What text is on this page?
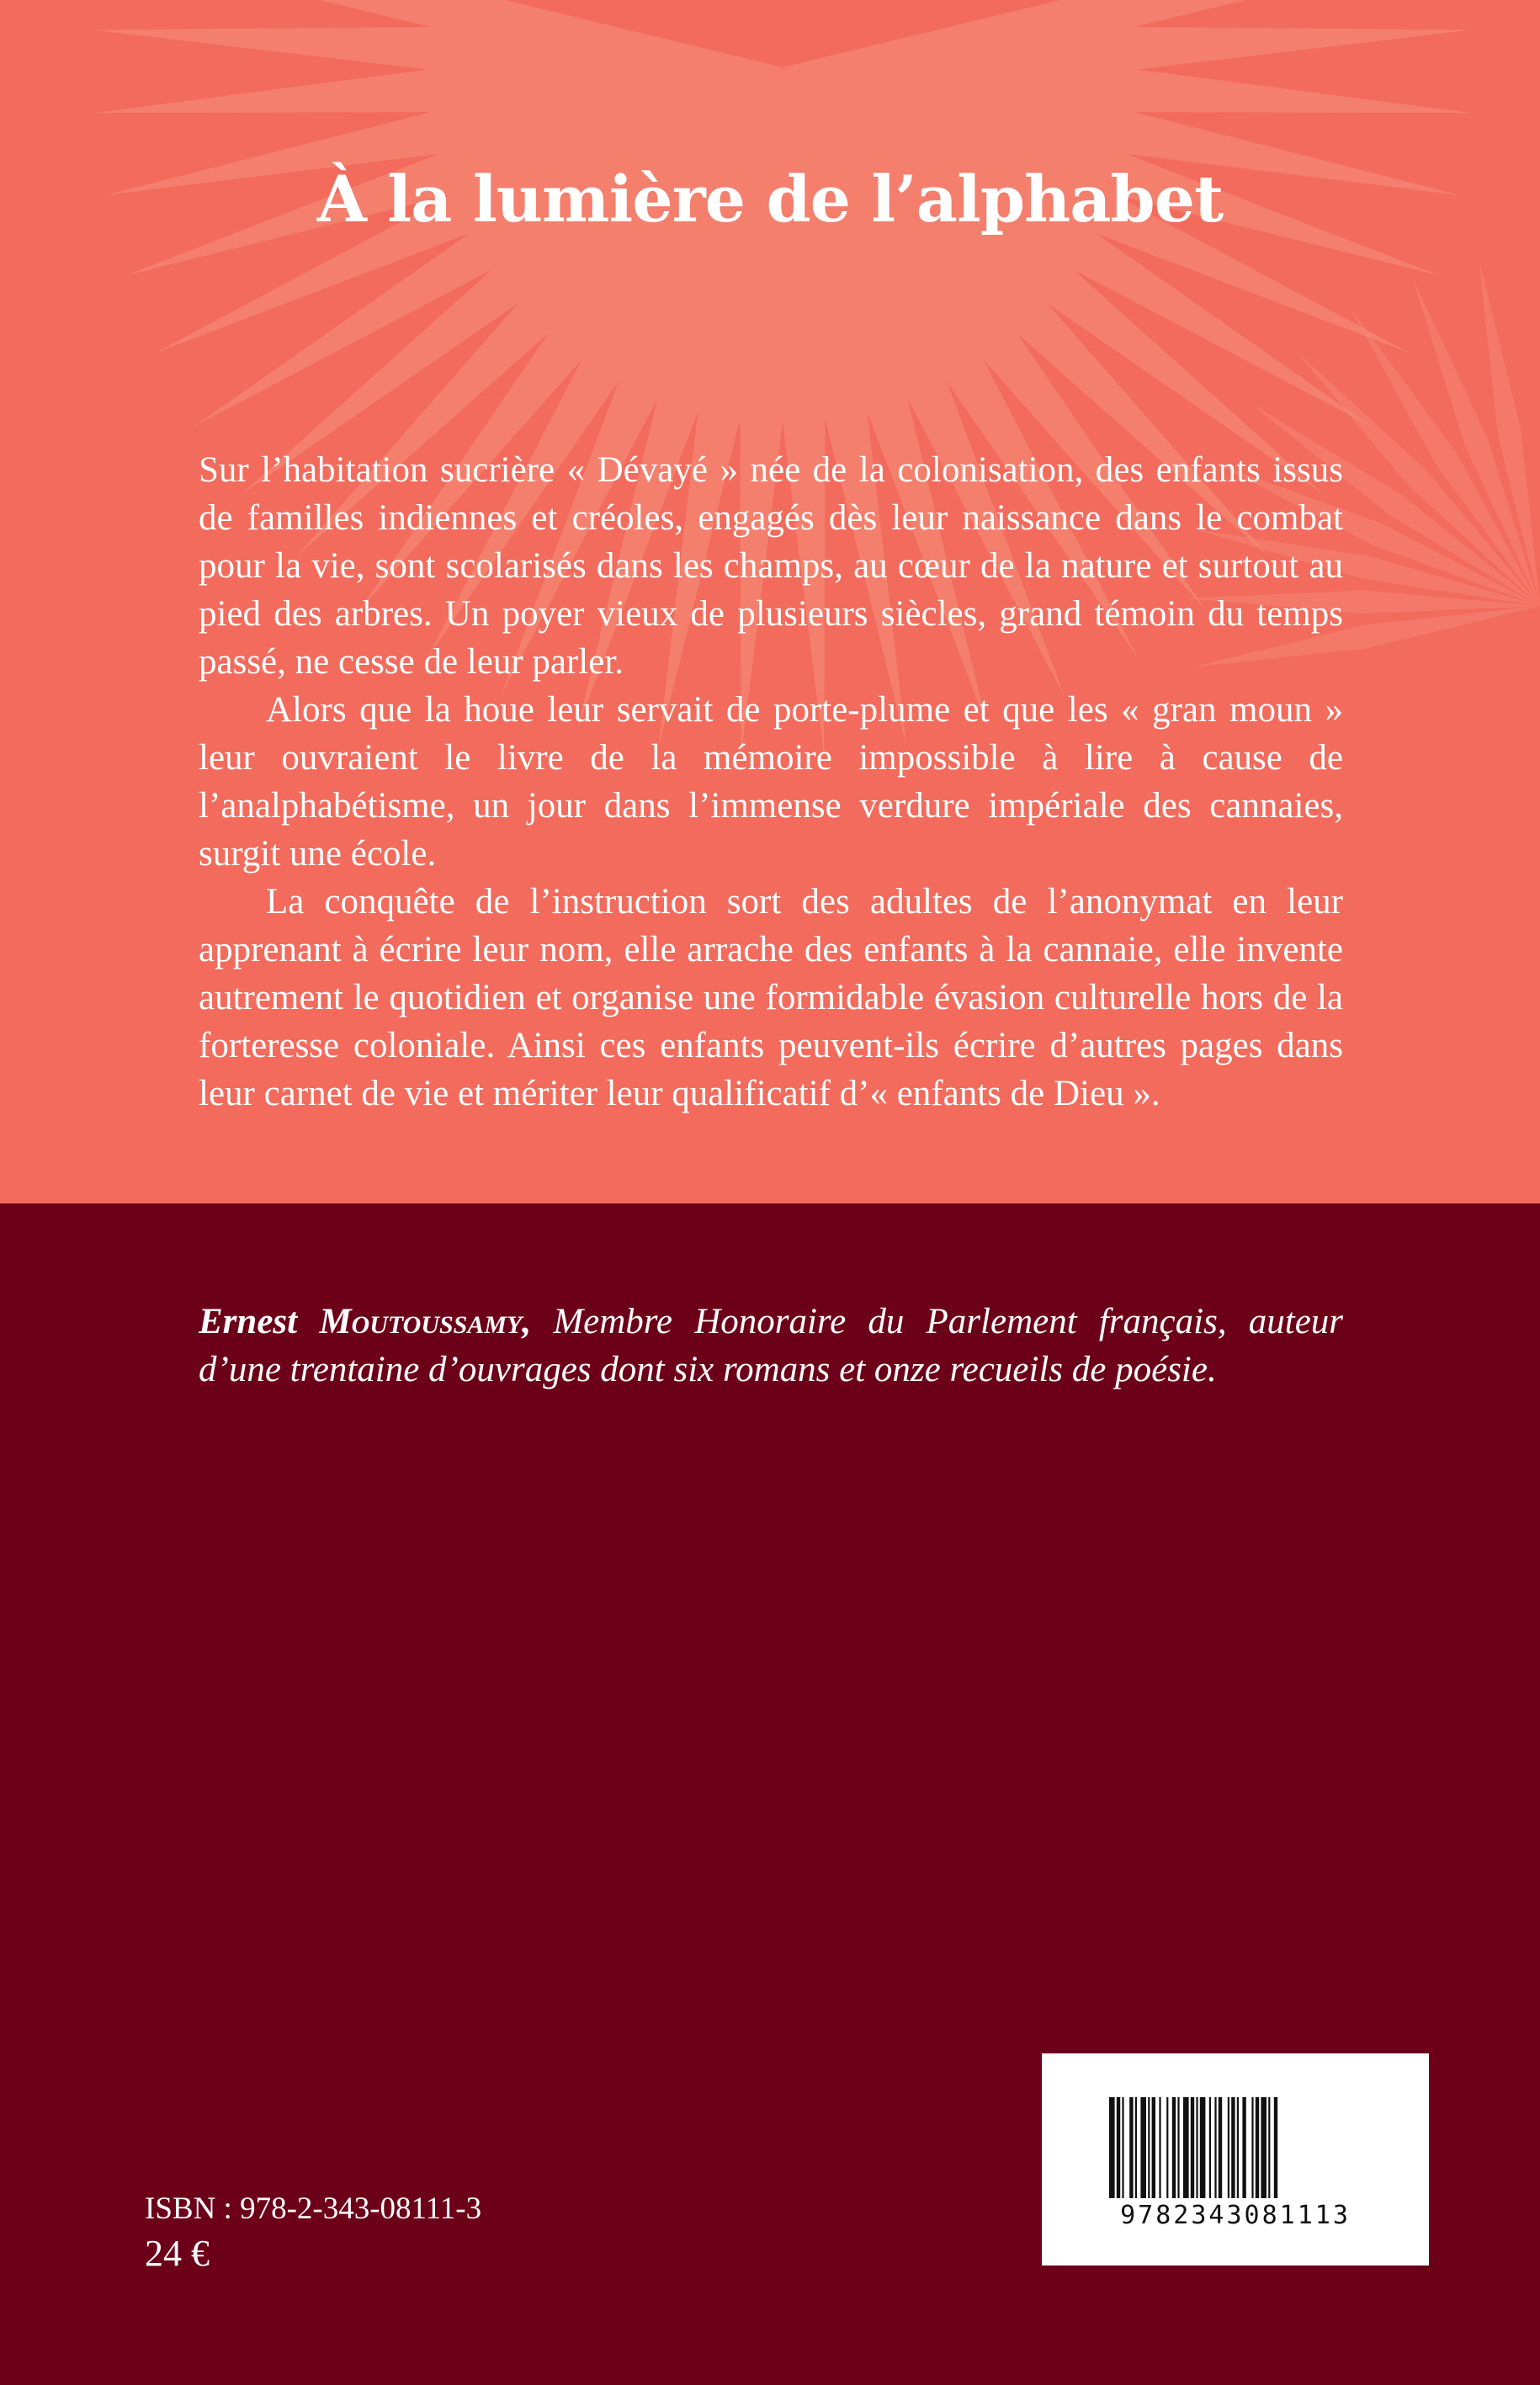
À la lumière de l’alphabet

Sur l’habitation sucrière « Dévayé » née de la colonisation, des enfants issus de familles indiennes et créoles, engagés dès leur naissance dans le combat pour la vie, sont scolarisés dans les champs, au cœur de la nature et surtout au pied des arbres. Un poyer vieux de plusieurs siècles, grand témoin du temps passé, ne cesse de leur parler.

Alors que la houe leur servait de porte-plume et que les « gran moun » leur ouvraient le livre de la mémoire impossible à lire à cause de l’analphabétisme, un jour dans l’immense verdure impériale des cannaies, surgit une école.

La conquête de l’instruction sort des adultes de l’anonymat en leur apprenant à écrire leur nom, elle arrache des enfants à la cannaie, elle invente autrement le quotidien et organise une formidable évasion culturelle hors de la forteresse coloniale. Ainsi ces enfants peuvent-ils écrire d’autres pages dans leur carnet de vie et mériter leur qualificatif d’« enfants de Dieu ».

Ernest Moutoussamy, Membre Honoraire du Parlement français, auteur d’une trentaine d’ouvrages dont six romans et onze recueils de poésie.

9782343081113
ISBN : 978-2-343-08111-3
24 €
